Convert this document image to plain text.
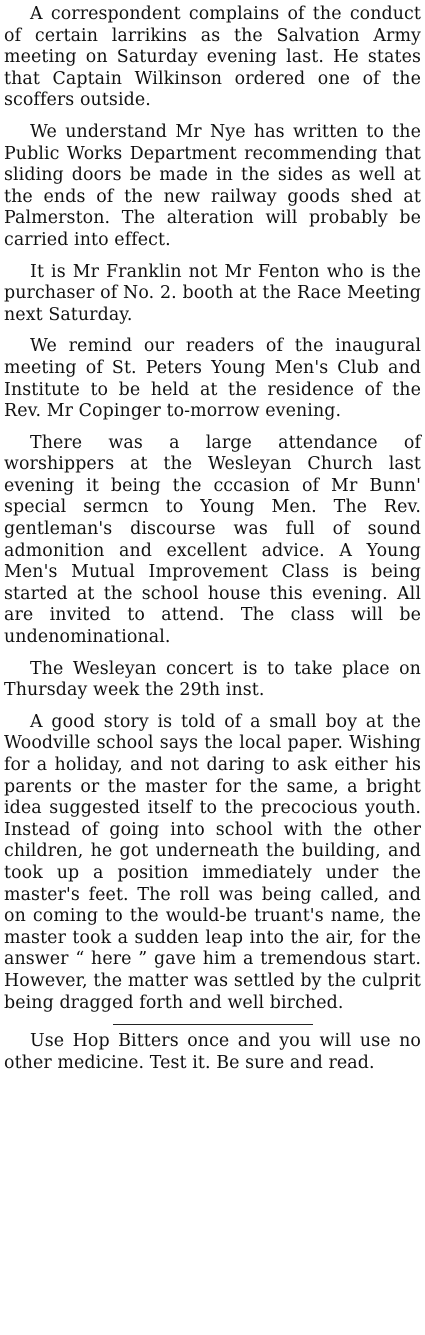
A correspondent complains of the conduct of certain larrikins as the Salvation Army meeting on Saturday evening last. He states that Captain Wilkinson ordered one of the scoffers outside.

We understand Mr Nye has written to the Public Works Department recommending that sliding doors be made in the sides as well at the ends of the new railway goods shed at Palmerston. The alteration will probably be carried into effect.

It is Mr Franklin not Mr Fenton who is the purchaser of No. 2. booth at the Race Meeting next Saturday.

We remind our readers of the inaugural meeting of St. Peters Young Men's Club and Institute to be held at the residence of the Rev. Mr Copinger to-morrow evening.

There was a large attendance of worshippers at the Wesleyan Church last evening it being the cccasion of Mr Bunn' special sermcn to Young Men. The Rev. gentleman's discourse was full of sound admonition and excellent advice. A Young Men's Mutual Improvement Class is being started at the school house this evening. All are invited to attend. The class will be undenominational.

The Wesleyan concert is to take place on Thursday week the 29th inst.

A good story is told of a small boy at the Woodville school says the local paper. Wishing for a holiday, and not daring to ask either his parents or the master for the same, a bright idea suggested itself to the precocious youth. Instead of going into school with the other children, he got underneath the building, and took up a position immediately under the master's feet. The roll was being called, and on coming to the would-be truant's name, the master took a sudden leap into the air, for the answer “ here ” gave him a tremendous start. However, the matter was settled by the culprit being dragged forth and well birched.

Use Hop Bitters once and you will use no other medicine. Test it. Be sure and read.
